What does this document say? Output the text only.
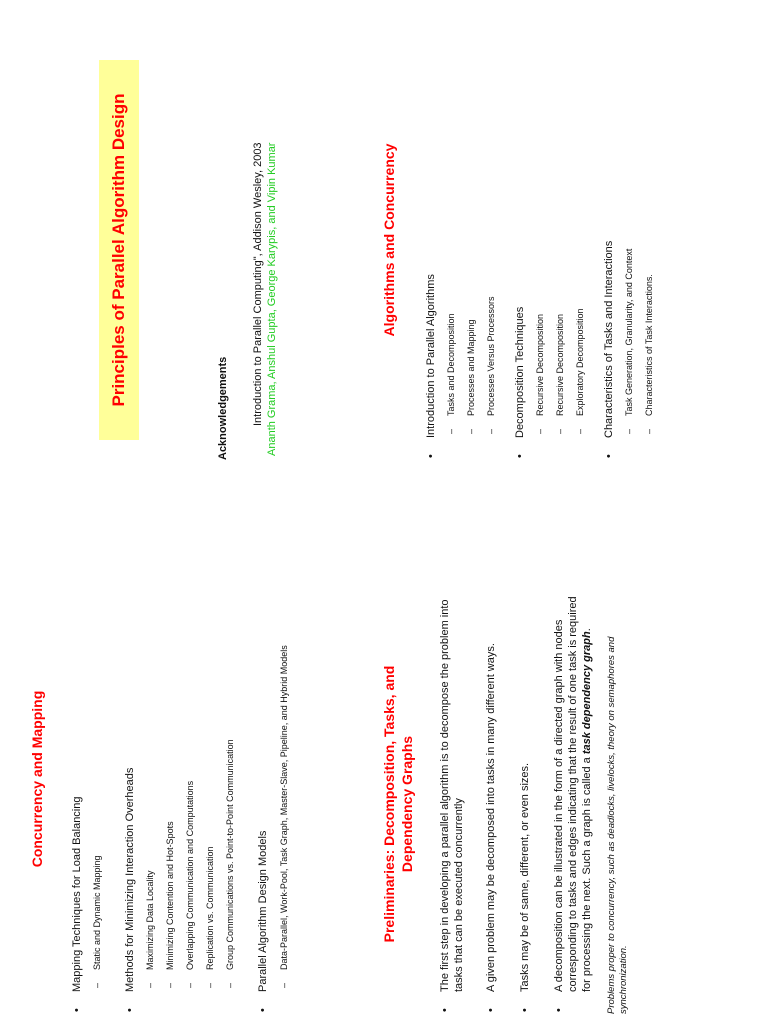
Principles of Parallel Algorithm Design
Acknowledgements Introduction to Parallel Computing", Addison Wesley, 2003 Ananth Grama, Anshul Gupta, George Karypis, and Vipin Kumar	Algorithms and Concurrency
•
Introduction to Parallel Algorithms	–
Tasks and Decomposition
–
Processes and Mapping
–
Processes Versus Processors
•
Decomposition Techniques	–
Recursive Decomposition
–
Recursive Decomposition
–
Exploratory Decomposition
•
Characteristics of Tasks and Interactions	–
Task Generation, Granularity, and Context
–
Characteristics of Task Interactions.
Concurrency and Mapping
•
Mapping Techniques for Load Balancing	–
Static and Dynamic Mapping
•
Methods for Minimizing Interaction Overheads	–
Maximizing Data Locality
–
Minimizing Contention and Hot-Spots
–
Overlapping Communication and Computations
–
Replication vs. Communication
–
Group Communications vs. Point-to-Point Communication
•
Parallel Algorithm Design Models –
Data-Parallel, Work-Pool, Task Graph, Master-Slave, Pipeline, and Hybrid Models	Preliminaries: Decomposition, Tasks, and Dependency Graphs
•
The first step in developing a parallel algorithm is to decompose the problem into tasks that can be executed concurrently
•
A given problem may be decomposed into tasks in many different ways.
•
Tasks may be of same, different, or even sizes.
•
A decomposition can be illustrated in the form of a directed graph with nodes corresponding to tasks and edges indicating that the result of one task is required for processing the next. Such a graph is called a task dependency graph.
Problems proper to concurrency, such as deadlocks, livelocks, theory on semaphores and synchronization.
